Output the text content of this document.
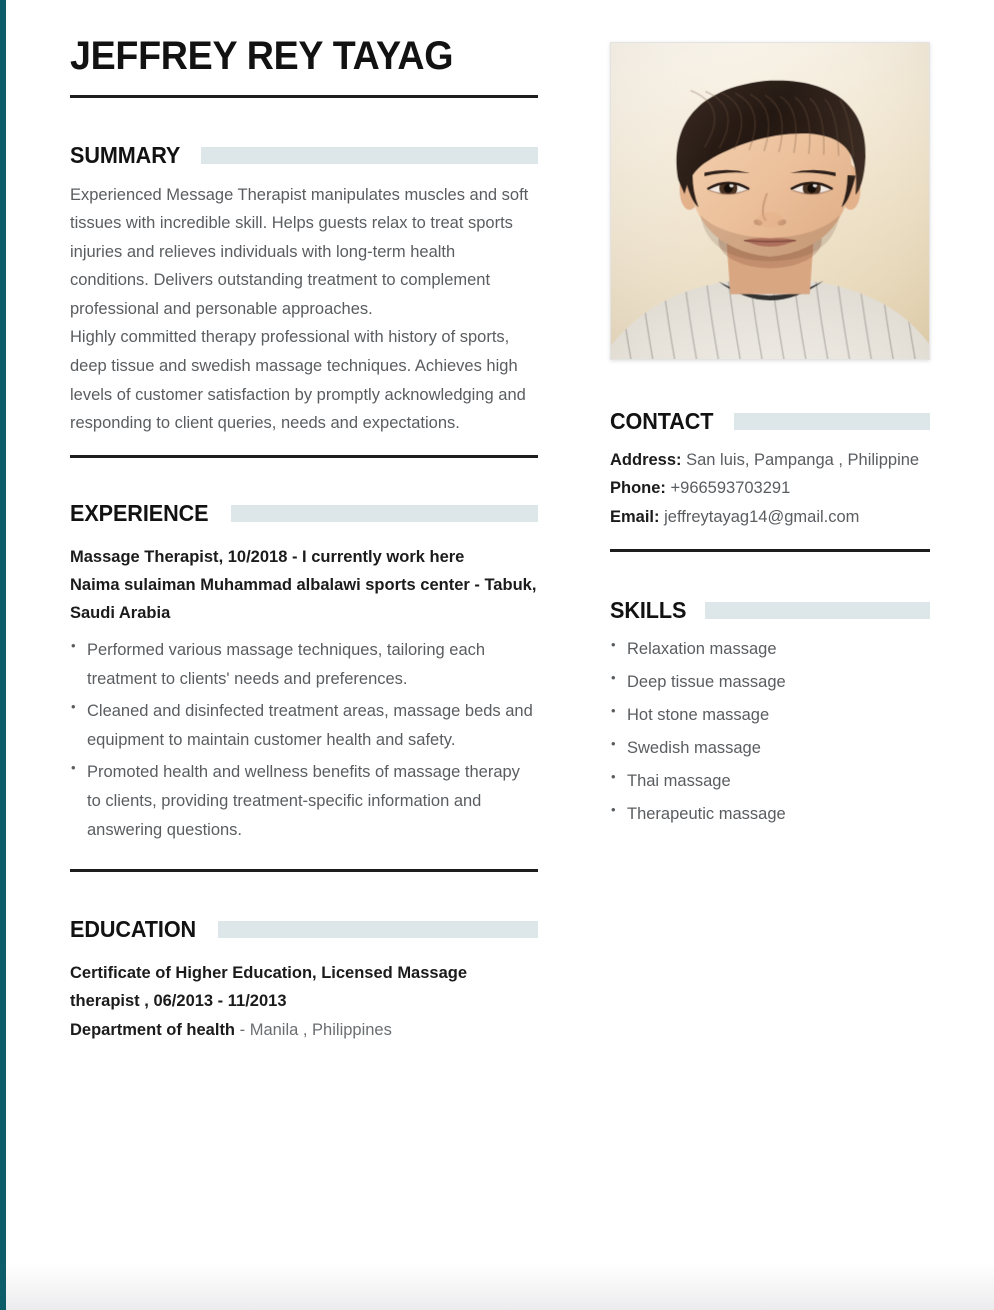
JEFFREY REY TAYAG
SUMMARY

Experienced Message Therapist manipulates muscles and soft tissues with incredible skill. Helps guests relax to treat sports injuries and relieves individuals with long-term health conditions. Delivers outstanding treatment to complement professional and personable approaches.

Highly committed therapy professional with history of sports, deep tissue and swedish massage techniques. Achieves high levels of customer satisfaction by promptly acknowledging and responding to client queries, needs and expectations.

EXPERIENCE
Massage Therapist, 10/2018 - I currently work here
Naima sulaiman Muhammad albalawi sports center - Tabuk, Saudi Arabia
• Performed various massage techniques, tailoring each treatment to clients' needs and preferences.
• Cleaned and disinfected treatment areas, massage beds and equipment to maintain customer health and safety.
• Promoted health and wellness benefits of massage therapy to clients, providing treatment-specific information and answering questions.
EDUCATION
Certificate of Higher Education, Licensed Massage therapist , 06/2013 - 11/2013
Department of health - Manila , Philippines
CONTACT
Address: San luis, Pampanga , Philippine
Phone: +966593703291
Email: jeffreytayag14@gmail.com
SKILLS
• Relaxation massage
• Deep tissue massage
• Hot stone massage
• Swedish massage
• Thai massage
• Therapeutic massage
